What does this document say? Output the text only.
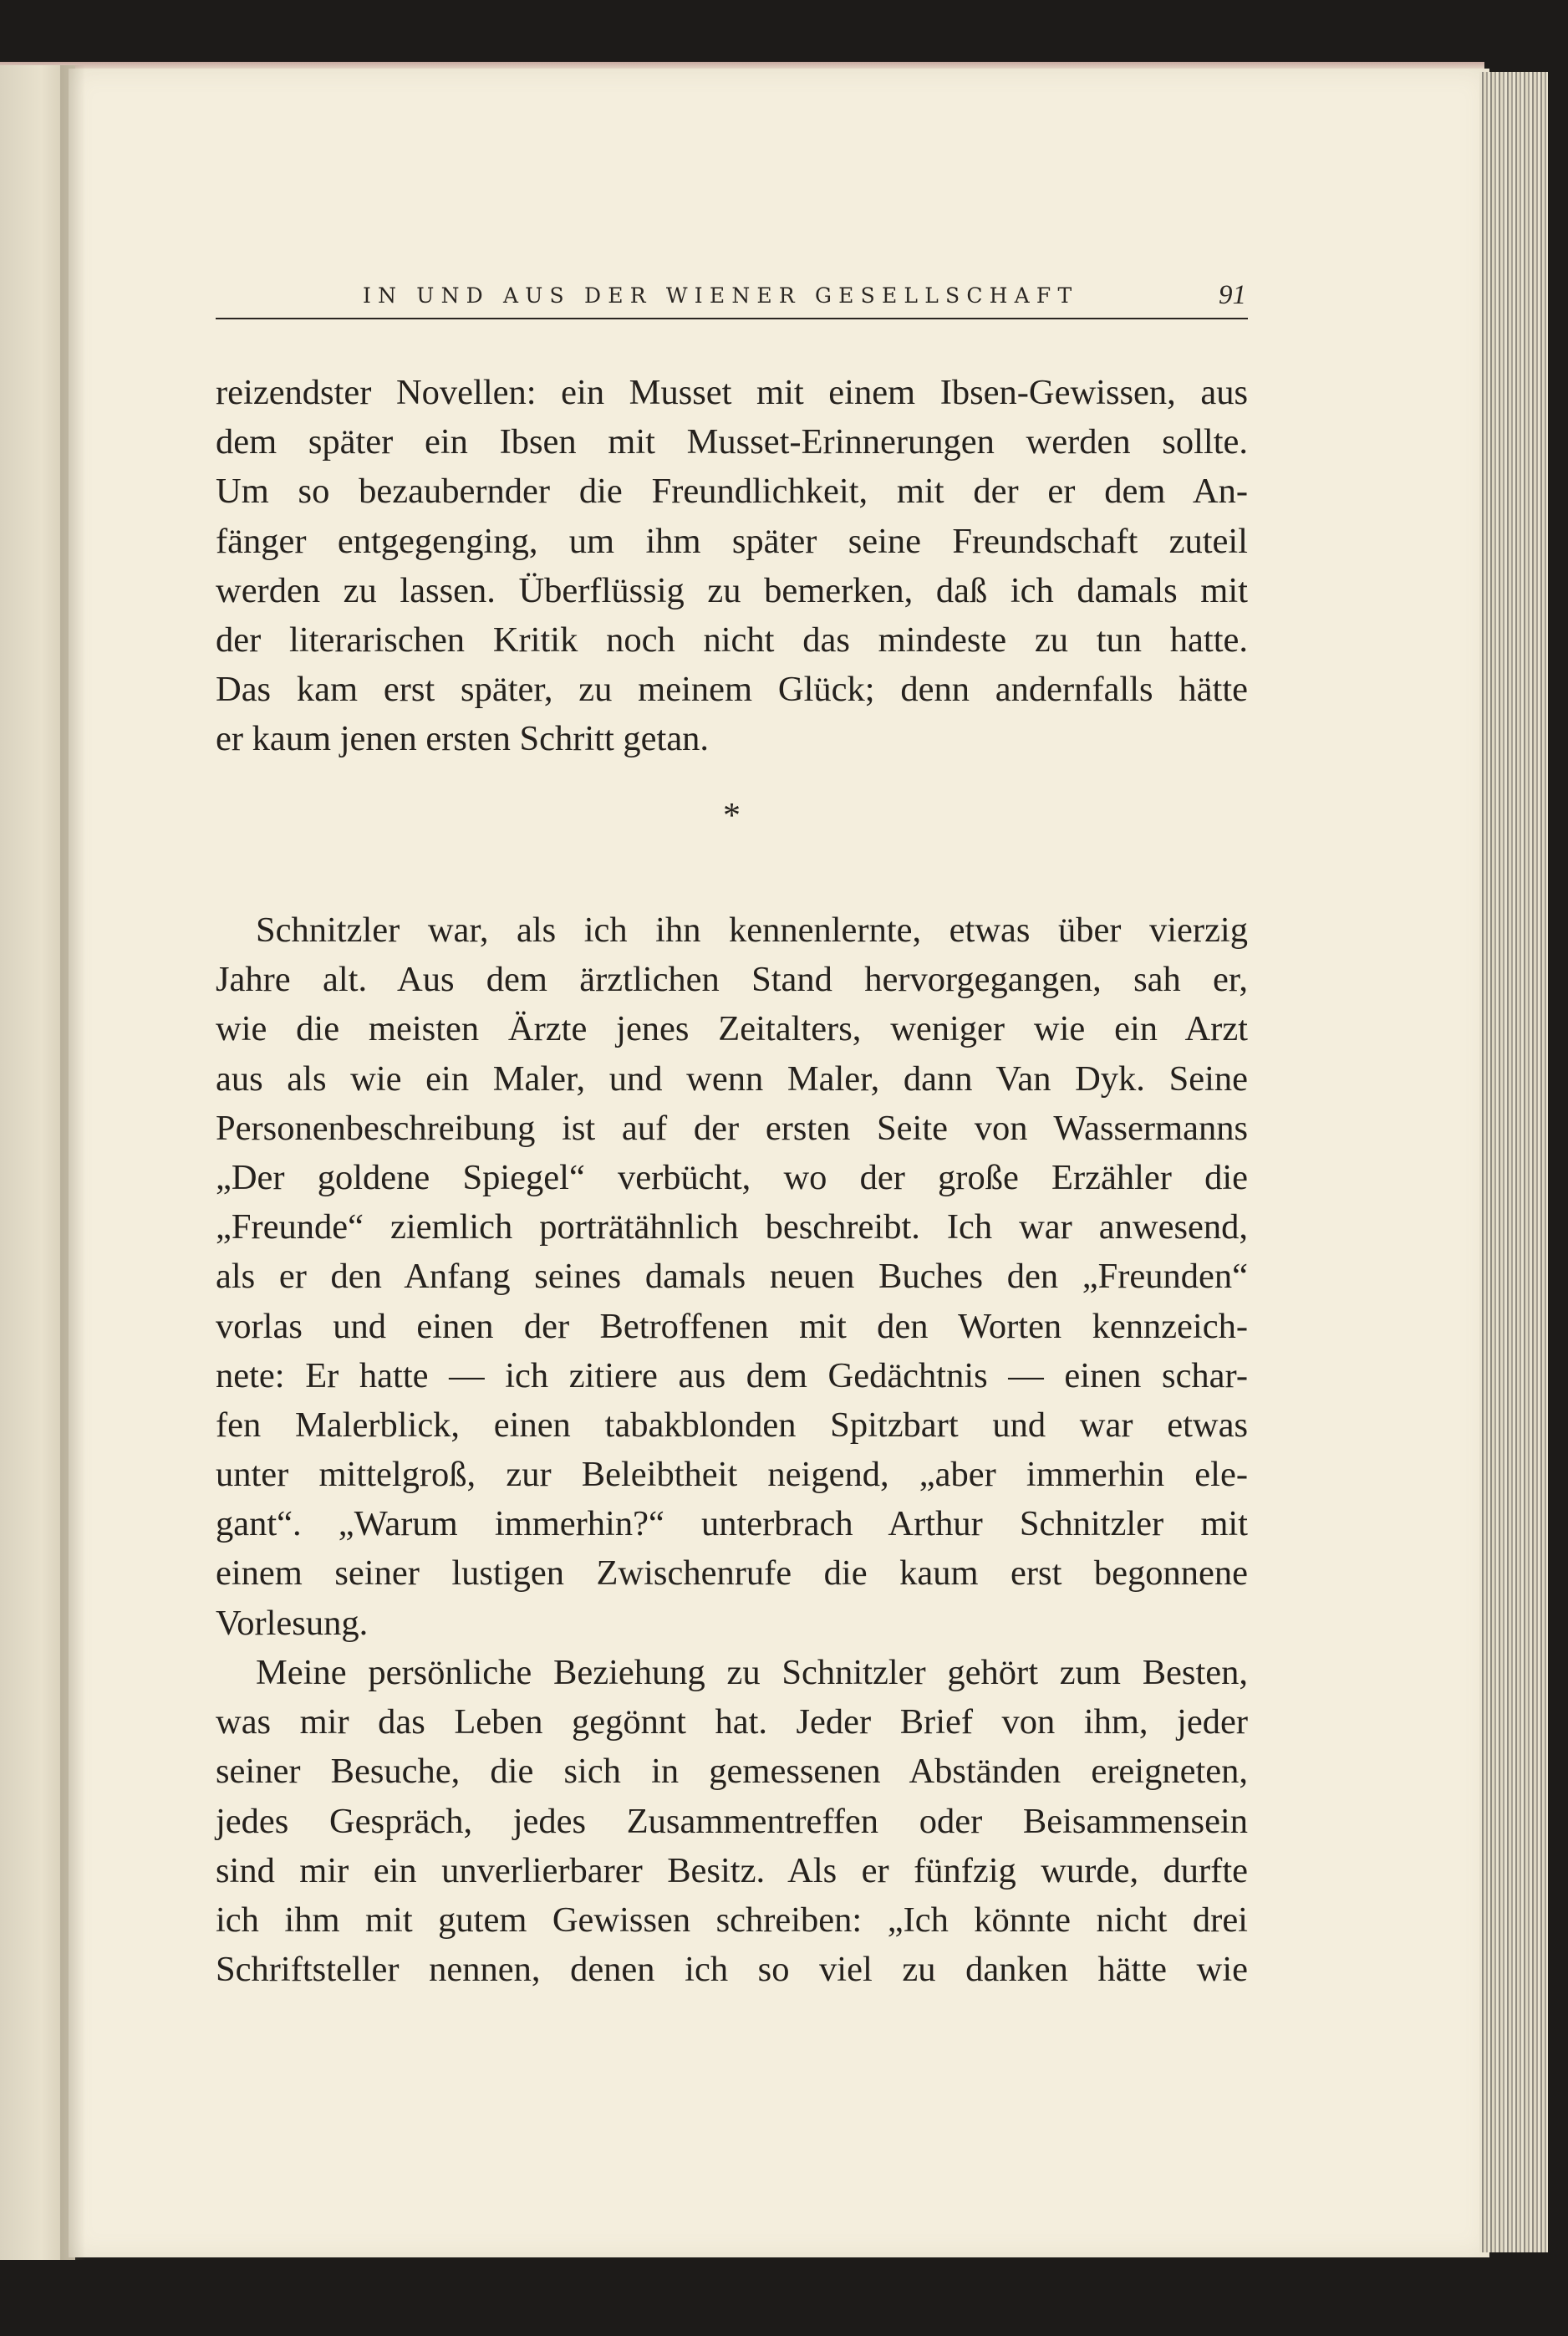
IN UND AUS DER WIENER GESELLSCHAFT	91
reizendster Novellen: ein Musset mit einem Ibsen-Gewissen, aus
dem später ein Ibsen mit Musset-Erinnerungen werden sollte.
Um so bezaubernder die Freundlichkeit, mit der er dem An-
fänger entgegenging, um ihm später seine Freundschaft zuteil
werden zu lassen. Überflüssig zu bemerken, daß ich damals mit
der literarischen Kritik noch nicht das mindeste zu tun hatte.
Das kam erst später, zu meinem Glück; denn andernfalls hätte
er kaum jenen ersten Schritt getan.
*
Schnitzler war, als ich ihn kennenlernte, etwas über vierzig
Jahre alt. Aus dem ärztlichen Stand hervorgegangen, sah er,
wie die meisten Ärzte jenes Zeitalters, weniger wie ein Arzt
aus als wie ein Maler, und wenn Maler, dann Van Dyk. Seine
Personenbeschreibung ist auf der ersten Seite von Wassermanns
„Der goldene Spiegel“ verbücht, wo der große Erzähler die
„Freunde“ ziemlich porträtähnlich beschreibt. Ich war anwesend,
als er den Anfang seines damals neuen Buches den „Freunden“
vorlas und einen der Betroffenen mit den Worten kennzeich-
nete: Er hatte — ich zitiere aus dem Gedächtnis — einen schar-
fen Malerblick, einen tabakblonden Spitzbart und war etwas
unter mittelgroß, zur Beleibtheit neigend, „aber immerhin ele-
gant“. „Warum immerhin?“ unterbrach Arthur Schnitzler mit
einem seiner lustigen Zwischenrufe die kaum erst begonnene
Vorlesung.
Meine persönliche Beziehung zu Schnitzler gehört zum Besten,
was mir das Leben gegönnt hat. Jeder Brief von ihm, jeder
seiner Besuche, die sich in gemessenen Abständen ereigneten,
jedes Gespräch, jedes Zusammentreffen oder Beisammensein
sind mir ein unverlierbarer Besitz. Als er fünfzig wurde, durfte
ich ihm mit gutem Gewissen schreiben: „Ich könnte nicht drei
Schriftsteller nennen, denen ich so viel zu danken hätte wie
